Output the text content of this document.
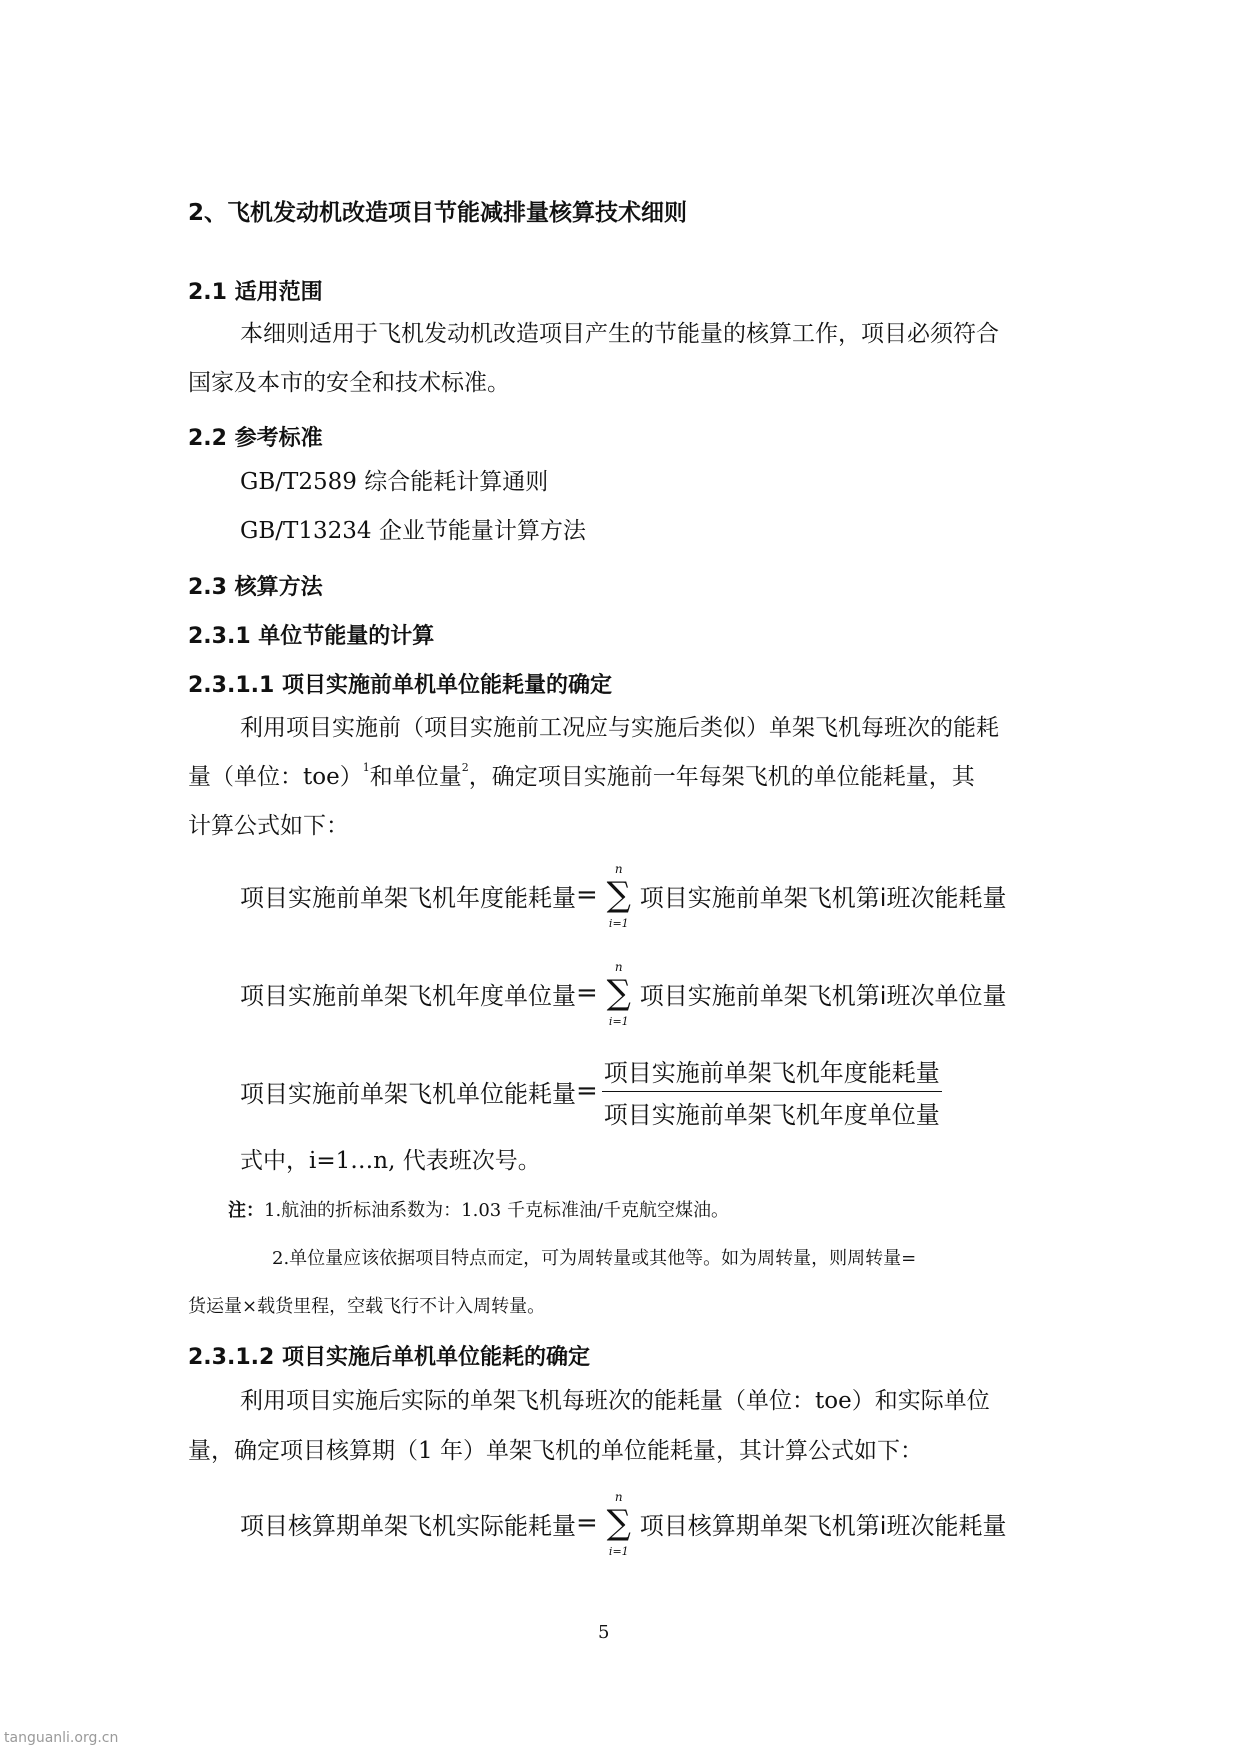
2、飞机发动机改造项目节能减排量核算技术细则
2.1 适用范围
本细则适用于飞机发动机改造项目产生的节能量的核算工作，项目必须符合
国家及本市的安全和技术标准。
2.2 参考标准
GB/T2589 综合能耗计算通则
GB/T13234 企业节能量计算方法
2.3 核算方法
2.3.1 单位节能量的计算
2.3.1.1 项目实施前单机单位能耗量的确定
利用项目实施前（项目实施前工况应与实施后类似）单架飞机每班次的能耗
量（单位：toe）$^1$和单位量$^2$，确定项目实施前一年每架飞机的单位能耗量，其
计算公式如下：
项目实施前单架飞机年度能耗量 =
n
∑
i=1
项目实施前单架飞机第i班次能耗量
项目实施前单架飞机年度单位量 =
n
∑
i=1
项目实施前单架飞机第i班次单位量
项目实施前单架飞机单位能耗量 = $\frac{\text{项目实施前单架飞机年度能耗量}}{\text{项目实施前单架飞机年度单位量}}$
式中，i=1…n, 代表班次号。
注：1.航油的折标油系数为：1.03 千克标准油/千克航空煤油。
2.单位量应该依据项目特点而定，可为周转量或其他等。如为周转量，则周转量=
货运量×载货里程，空载飞行不计入周转量。
2.3.1.2 项目实施后单机单位能耗的确定
利用项目实施后实际的单架飞机每班次的能耗量（单位：toe）和实际单位
量，确定项目核算期（1 年）单架飞机的单位能耗量，其计算公式如下：
项目核算期单架飞机实际能耗量 =
n
∑
i=1
项目核算期单架飞机第i班次能耗量
5
tanguanli.org.cn
